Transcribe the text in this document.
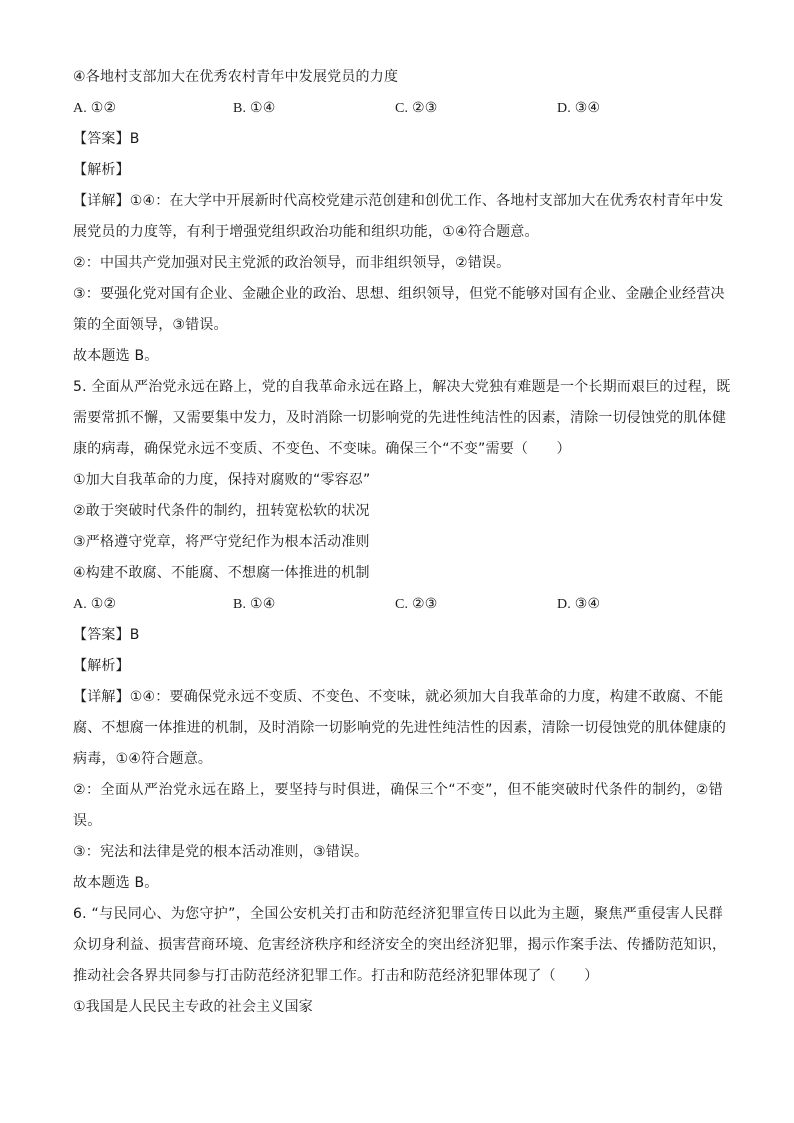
④各地村支部加大在优秀农村青年中发展党员的力度
A. ①②	B. ①④	C. ②③	D. ③④
【答案】B
【解析】
【详解】①④：在大学中开展新时代高校党建示范创建和创优工作、各地村支部加大在优秀农村青年中发
展党员的力度等，有利于增强党组织政治功能和组织功能，①④符合题意。
②：中国共产党加强对民主党派的政治领导，而非组织领导，②错误。
③：要强化党对国有企业、金融企业的政治、思想、组织领导，但党不能够对国有企业、金融企业经营决
策的全面领导，③错误。
故本题选 B。
5. 全面从严治党永远在路上，党的自我革命永远在路上，解决大党独有难题是一个长期而艰巨的过程，既
需要常抓不懈，又需要集中发力，及时消除一切影响党的先进性纯洁性的因素，清除一切侵蚀党的肌体健
康的病毒，确保党永远不变质、不变色、不变味。确保三个“不变”需要（　　）
①加大自我革命的力度，保持对腐败的“零容忍”
②敢于突破时代条件的制约，扭转宽松软的状况
③严格遵守党章，将严守党纪作为根本活动准则
④构建不敢腐、不能腐、不想腐一体推进的机制
A. ①②	B. ①④	C. ②③	D. ③④
【答案】B
【解析】
【详解】①④：要确保党永远不变质、不变色、不变味，就必须加大自我革命的力度，构建不敢腐、不能
腐、不想腐一体推进的机制，及时消除一切影响党的先进性纯洁性的因素，清除一切侵蚀党的肌体健康的
病毒，①④符合题意。
②：全面从严治党永远在路上，要坚持与时俱进，确保三个“不变”，但不能突破时代条件的制约，②错
误。
③：宪法和法律是党的根本活动准则，③错误。
故本题选 B。
6. “与民同心、为您守护”，全国公安机关打击和防范经济犯罪宣传日以此为主题，聚焦严重侵害人民群
众切身利益、损害营商环境、危害经济秩序和经济安全的突出经济犯罪，揭示作案手法、传播防范知识，
推动社会各界共同参与打击防范经济犯罪工作。打击和防范经济犯罪体现了（　　）
①我国是人民民主专政的社会主义国家
